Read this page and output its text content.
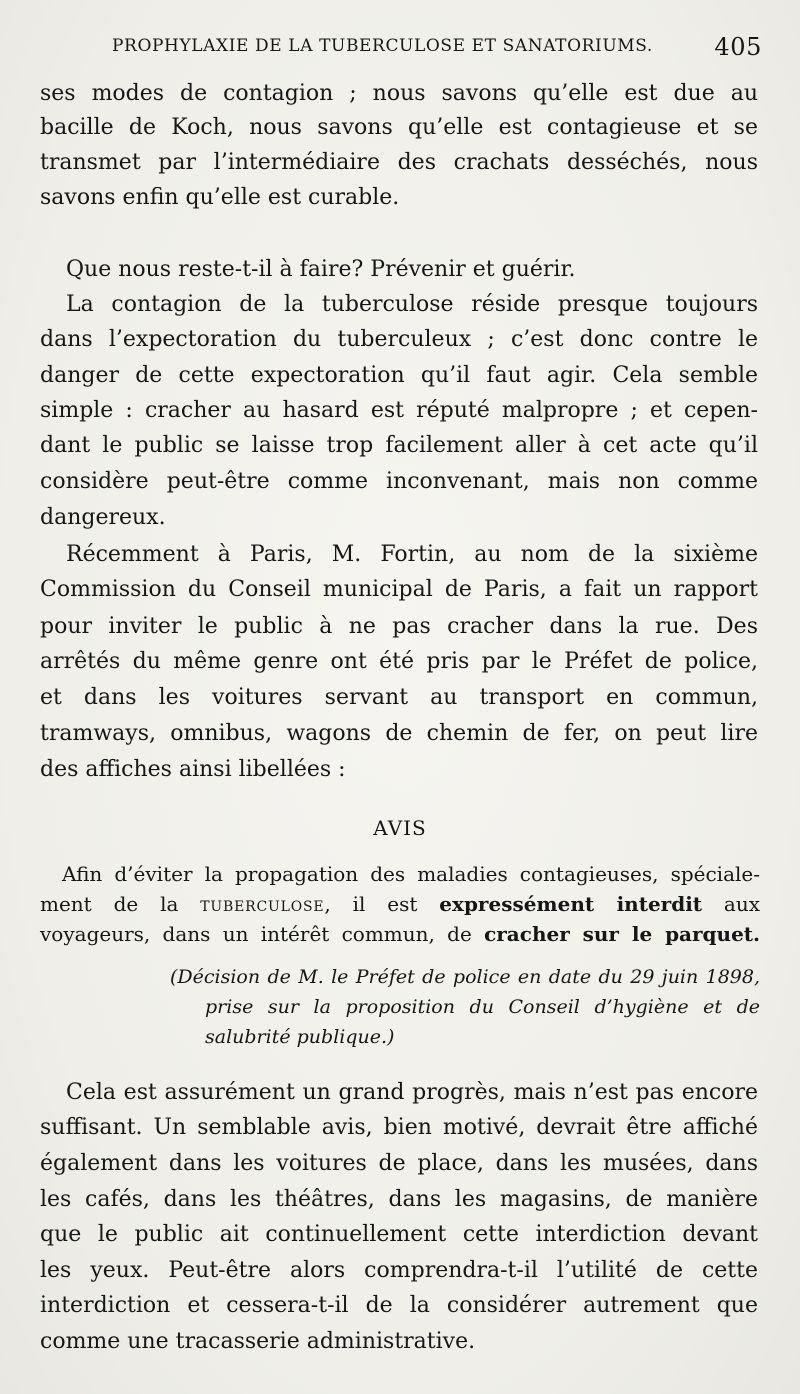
PROPHYLAXIE DE LA TUBERCULOSE ET SANATORIUMS.	405
ses modes de contagion ; nous savons qu’elle est due au
bacille de Koch, nous savons qu’elle est contagieuse et se
transmet par l’intermédiaire des crachats desséchés, nous
savons enfin qu’elle est curable.
Que nous reste-t-il à faire? Prévenir et guérir.
La contagion de la tuberculose réside presque toujours
dans l’expectoration du tuberculeux ; c’est donc contre le
danger de cette expectoration qu’il faut agir. Cela semble
simple : cracher au hasard est réputé malpropre ; et cepen-
dant le public se laisse trop facilement aller à cet acte qu’il
considère peut-être comme inconvenant, mais non comme
dangereux.
Récemment à Paris, M. Fortin, au nom de la sixième
Commission du Conseil municipal de Paris, a fait un rapport
pour inviter le public à ne pas cracher dans la rue. Des
arrêtés du même genre ont été pris par le Préfet de police,
et dans les voitures servant au transport en commun,
tramways, omnibus, wagons de chemin de fer, on peut lire
des affiches ainsi libellées :
AVIS
Afin d’éviter la propagation des maladies contagieuses, spéciale-
ment de la tuberculose, il est expressément interdit aux
voyageurs, dans un intérêt commun, de cracher sur le parquet.
(Décision de M. le Préfet de police en date du 29 juin 1898,
prise sur la proposition du Conseil d’hygiène et de
salubrité publique.)
Cela est assurément un grand progrès, mais n’est pas encore
suffisant. Un semblable avis, bien motivé, devrait être affiché
également dans les voitures de place, dans les musées, dans
les cafés, dans les théâtres, dans les magasins, de manière
que le public ait continuellement cette interdiction devant
les yeux. Peut-être alors comprendra-t-il l’utilité de cette
interdiction et cessera-t-il de la considérer autrement que
comme une tracasserie administrative.
